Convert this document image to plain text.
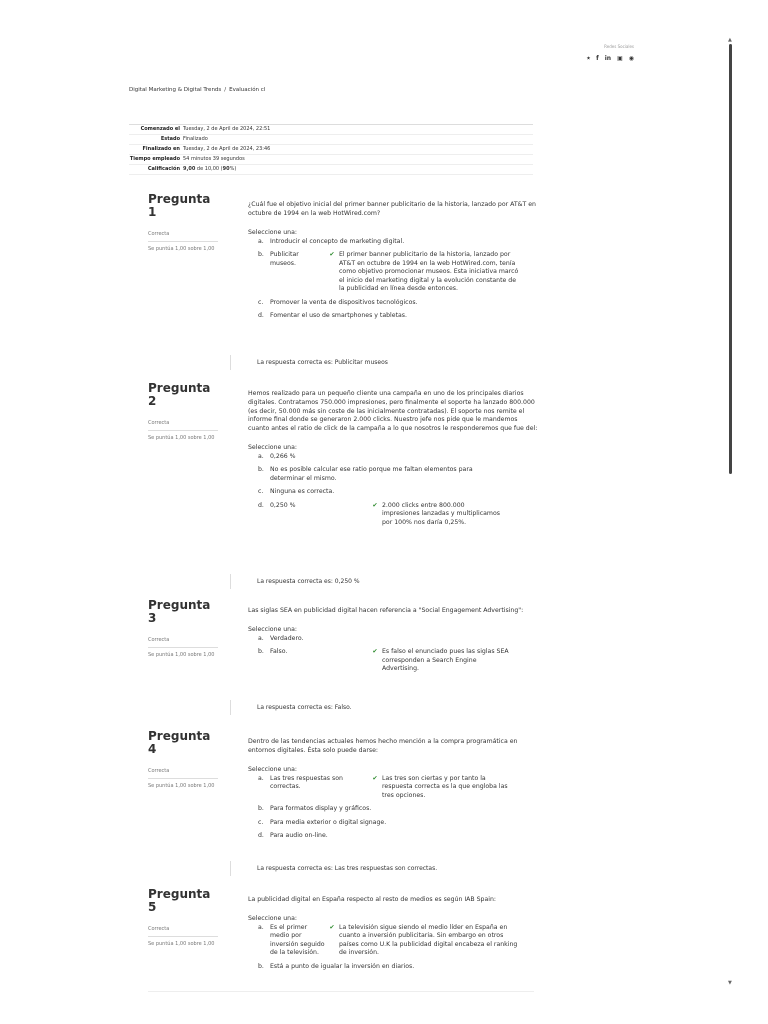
Redes Sociales
⭑ f in ▣ ◉
Digital Marketing & Digital Trends / Evaluación cl
Comenzado el Tuesday, 2 de April de 2024, 22:51
Estado Finalizado
Finalizado en Tuesday, 2 de April de 2024, 23:46
Tiempo empleado 54 minutos 39 segundos
Calificación 9,00 de 10,00 (90%)
Pregunta 1
Correcta
Se puntúa 1,00 sobre 1,00
¿Cuál fue el objetivo inicial del primer banner publicitario de la historia, lanzado por AT&T en octubre de 1994 en la web HotWired.com?
Seleccione una:
a.	Introducir el concepto de marketing digital.
b. Publicitar museos.
✔ El primer banner publicitario de la historia, lanzado por AT&T en octubre de 1994 en la web HotWired.com, tenía como objetivo promocionar museos. Esta iniciativa marcó el inicio del marketing digital y la evolución constante de la publicidad en línea desde entonces.
c.	Promover la venta de dispositivos tecnológicos.
d. Fomentar el uso de smartphones y tabletas.
La respuesta correcta es: Publicitar museos
Pregunta 2
Correcta
Se puntúa 1,00 sobre 1,00
Hemos realizado para un pequeño cliente una campaña en uno de los principales diarios digitales. Contratamos 750.000 impresiones, pero finalmente el soporte ha lanzado 800.000 (es decir, 50.000 más sin coste de las inicialmente contratadas). El soporte nos remite el informe final donde se generaron 2.000 clicks. Nuestro jefe nos pide que le mandemos cuanto antes el ratio de click de la campaña a lo que nosotros le responderemos que fue del:
Seleccione una:
a.	0,266 %
b. No es posible calcular ese ratio porque me faltan elementos para determinar el mismo.
c.	Ninguna es correcta.
d. 0,250 %	✔ 2.000 clicks entre 800.000 impresiones lanzadas y multiplicamos por 100% nos daría 0,25%.
La respuesta correcta es: 0,250 %
Pregunta 3
Correcta
Se puntúa 1,00 sobre 1,00
Las siglas SEA en publicidad digital hacen referencia a "Social Engagement Advertising":
Seleccione una:
a.	Verdadero.
b. Falso.	✔ Es falso el enunciado pues las siglas SEA corresponden a Search Engine Advertising.
La respuesta correcta es: Falso.
Pregunta 4
Correcta
Se puntúa 1,00 sobre 1,00
Dentro de las tendencias actuales hemos hecho mención a la compra programática en entornos digitales. Ésta solo puede darse:
Seleccione una:
a.	Las tres respuestas son correctas.
✔ Las tres son ciertas y por tanto la respuesta correcta es la que engloba las tres opciones.
b. Para formatos display y gráficos.
c.	Para media exterior o digital signage.
d. Para audio on-line.
La respuesta correcta es: Las tres respuestas son correctas.
Pregunta 5
Correcta
Se puntúa 1,00 sobre 1,00
La publicidad digital en España respecto al resto de medios es según IAB Spain:
Seleccione una:
a.	Es el primer medio por inversión seguido de la televisión.
✔ La televisión sigue siendo el medio líder en España en cuanto a inversión publicitaria. Sin embargo en otros países como U.K la publicidad digital encabeza el ranking de inversión.
b. Está a punto de igualar la inversión en diarios.
▲
▼
